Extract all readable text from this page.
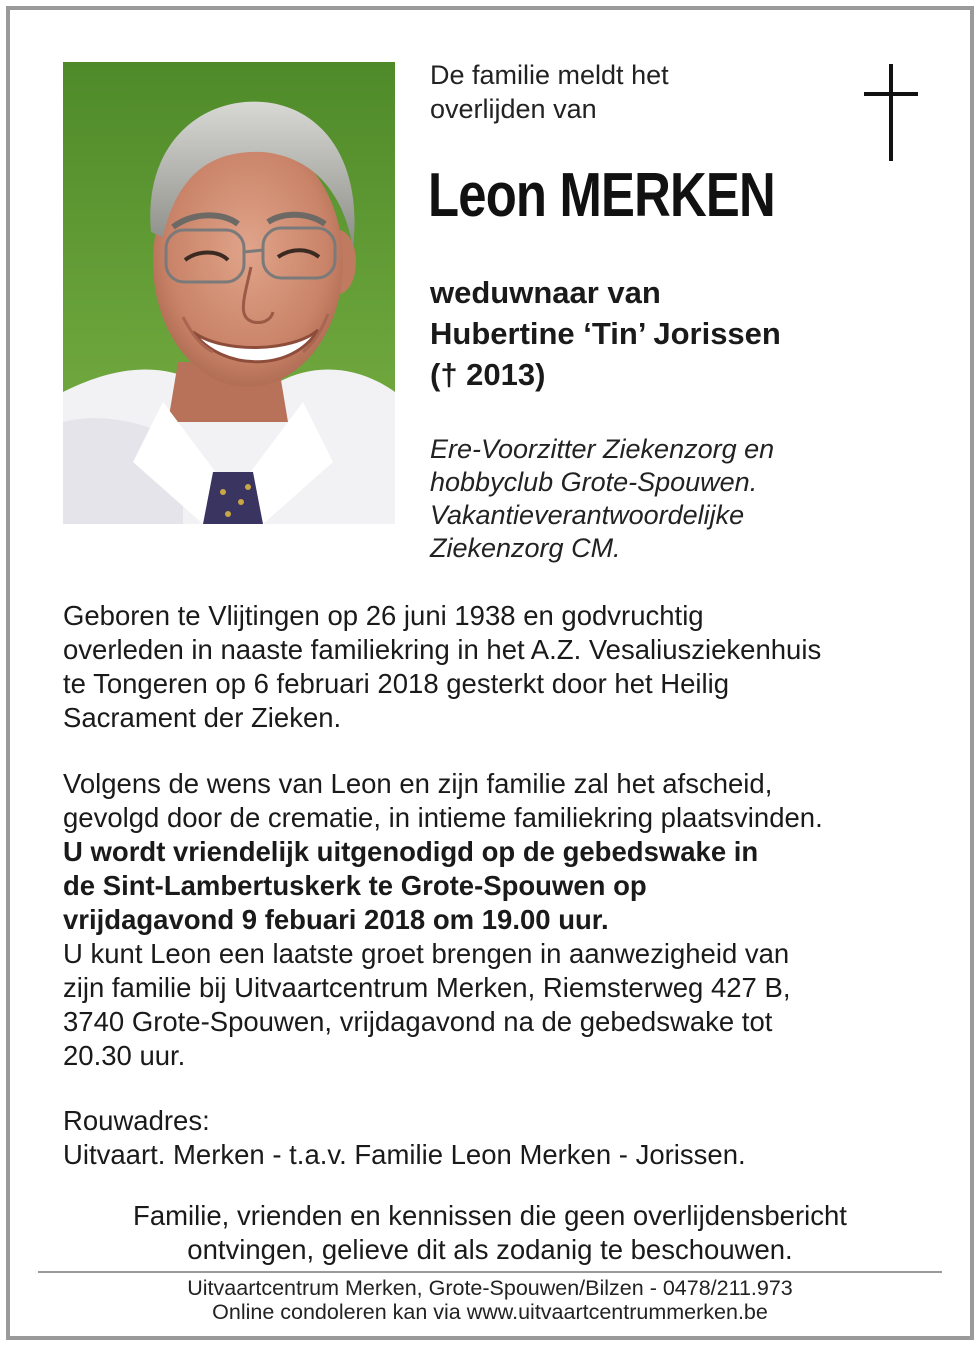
De familie meldt het
overlijden van
Leon MERKEN
weduwnaar van
Hubertine ‘Tin’ Jorissen
(† 2013)
Ere-Voorzitter Ziekenzorg en
hobbyclub Grote-Spouwen.
Vakantieverantwoordelijke
Ziekenzorg CM.
Geboren te Vlijtingen op 26 juni 1938 en godvruchtig
overleden in naaste familiekring in het A.Z. Vesaliusziekenhuis
te Tongeren op 6 februari 2018 gesterkt door het Heilig
Sacrament der Zieken.
Volgens de wens van Leon en zijn familie zal het afscheid,
gevolgd door de crematie, in intieme familiekring plaatsvinden.
U wordt vriendelijk uitgenodigd op de gebedswake in
de Sint-Lambertuskerk te Grote-Spouwen op
vrijdagavond 9 febuari 2018 om 19.00 uur.
U kunt Leon een laatste groet brengen in aanwezigheid van
zijn familie bij Uitvaartcentrum Merken, Riemsterweg 427 B,
3740 Grote-Spouwen, vrijdagavond na de gebedswake tot
20.30 uur.
Rouwadres:
Uitvaart. Merken - t.a.v. Familie Leon Merken - Jorissen.
Familie, vrienden en kennissen die geen overlijdensbericht
ontvingen, gelieve dit als zodanig te beschouwen.
Uitvaartcentrum Merken, Grote-Spouwen/Bilzen - 0478/211.973
Online condoleren kan via www.uitvaartcentrummerken.be
